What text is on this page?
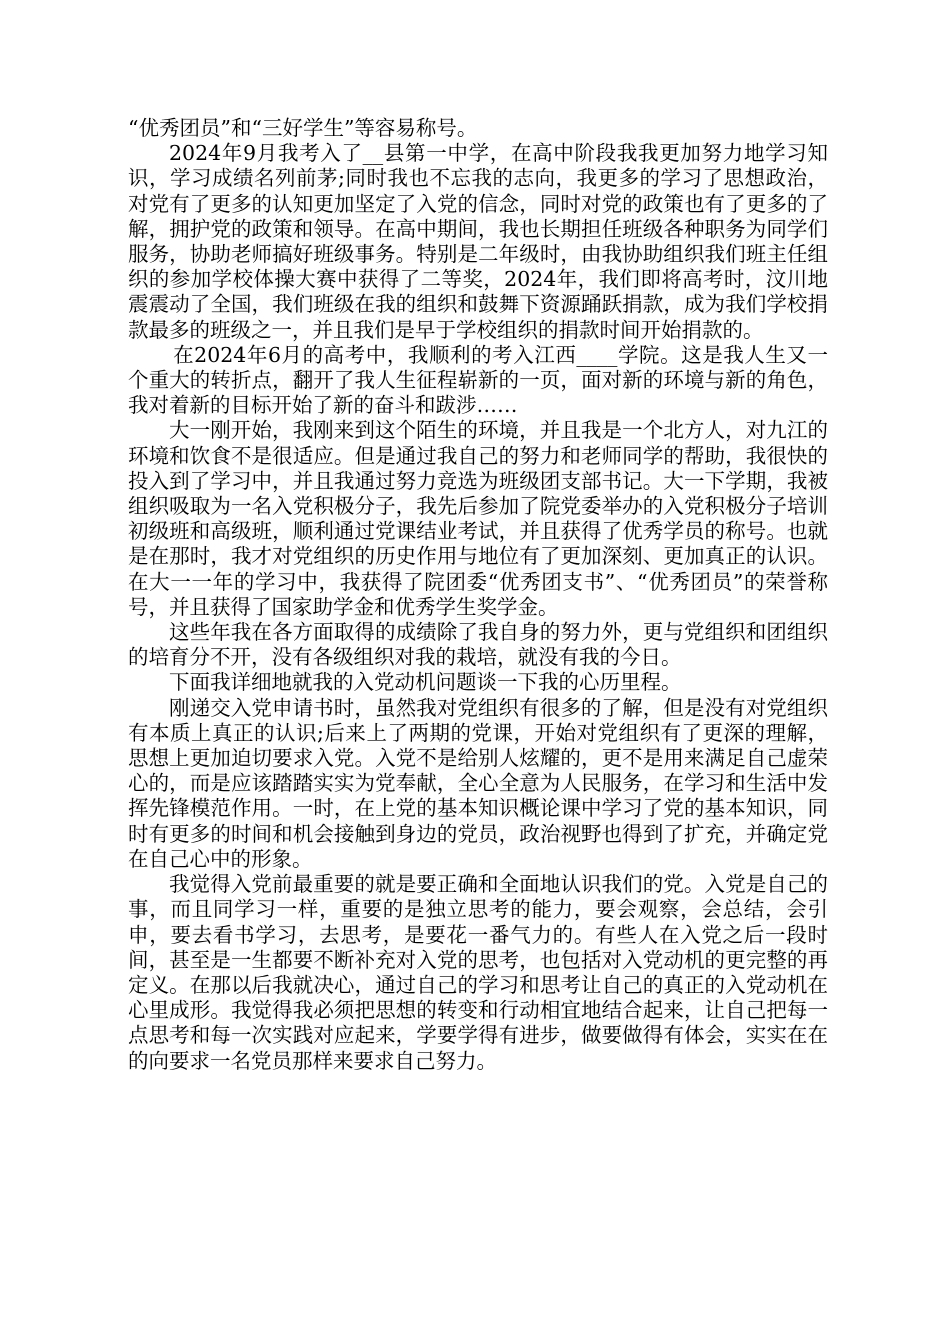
“优秀团员”和“三好学生”等容易称号。

2024年9月我考入了__县第一中学，在高中阶段我我更加努力地学习知识，学习成绩名列前茅;同时我也不忘我的志向，我更多的学习了思想政治，对党有了更多的认知更加坚定了入党的信念，同时对党的政策也有了更多的了解，拥护党的政策和领导。在高中期间，我也长期担任班级各种职务为同学们服务，协助老师搞好班级事务。特别是二年级时，由我协助组织我们班主任组织的参加学校体操大赛中获得了二等奖，2024年，我们即将高考时，汶川地震震动了全国，我们班级在我的组织和鼓舞下资源踊跃捐款，成为我们学校捐款最多的班级之一，并且我们是早于学校组织的捐款时间开始捐款的。

在2024年6月的高考中，我顺利的考入江西____学院。这是我人生又一个重大的转折点，翻开了我人生征程崭新的一页，面对新的环境与新的角色，我对着新的目标开始了新的奋斗和跋涉……

大一刚开始，我刚来到这个陌生的环境，并且我是一个北方人，对九江的环境和饮食不是很适应。但是通过我自己的努力和老师同学的帮助，我很快的投入到了学习中，并且我通过努力竞选为班级团支部书记。大一下学期，我被组织吸取为一名入党积极分子，我先后参加了院党委举办的入党积极分子培训初级班和高级班，顺利通过党课结业考试，并且获得了优秀学员的称号。也就是在那时，我才对党组织的历史作用与地位有了更加深刻、更加真正的认识。在大一一年的学习中，我获得了院团委“优秀团支书”、“优秀团员”的荣誉称号，并且获得了国家助学金和优秀学生奖学金。

这些年我在各方面取得的成绩除了我自身的努力外，更与党组织和团组织的培育分不开，没有各级组织对我的栽培，就没有我的今日。

下面我详细地就我的入党动机问题谈一下我的心历里程。

刚递交入党申请书时，虽然我对党组织有很多的了解，但是没有对党组织有本质上真正的认识;后来上了两期的党课，开始对党组织有了更深的理解，思想上更加迫切要求入党。入党不是给别人炫耀的，更不是用来满足自己虚荣心的，而是应该踏踏实实为党奉献，全心全意为人民服务，在学习和生活中发挥先锋模范作用。一时，在上党的基本知识概论课中学习了党的基本知识，同时有更多的时间和机会接触到身边的党员，政治视野也得到了扩充，并确定党在自己心中的形象。

我觉得入党前最重要的就是要正确和全面地认识我们的党。入党是自己的事，而且同学习一样，重要的是独立思考的能力，要会观察，会总结，会引申，要去看书学习，去思考，是要花一番气力的。有些人在入党之后一段时间，甚至是一生都要不断补充对入党的思考，也包括对入党动机的更完整的再定义。在那以后我就决心，通过自己的学习和思考让自己的真正的入党动机在心里成形。我觉得我必须把思想的转变和行动相宜地结合起来，让自己把每一点思考和每一次实践对应起来，学要学得有进步，做要做得有体会，实实在在的向要求一名党员那样来要求自己努力。
